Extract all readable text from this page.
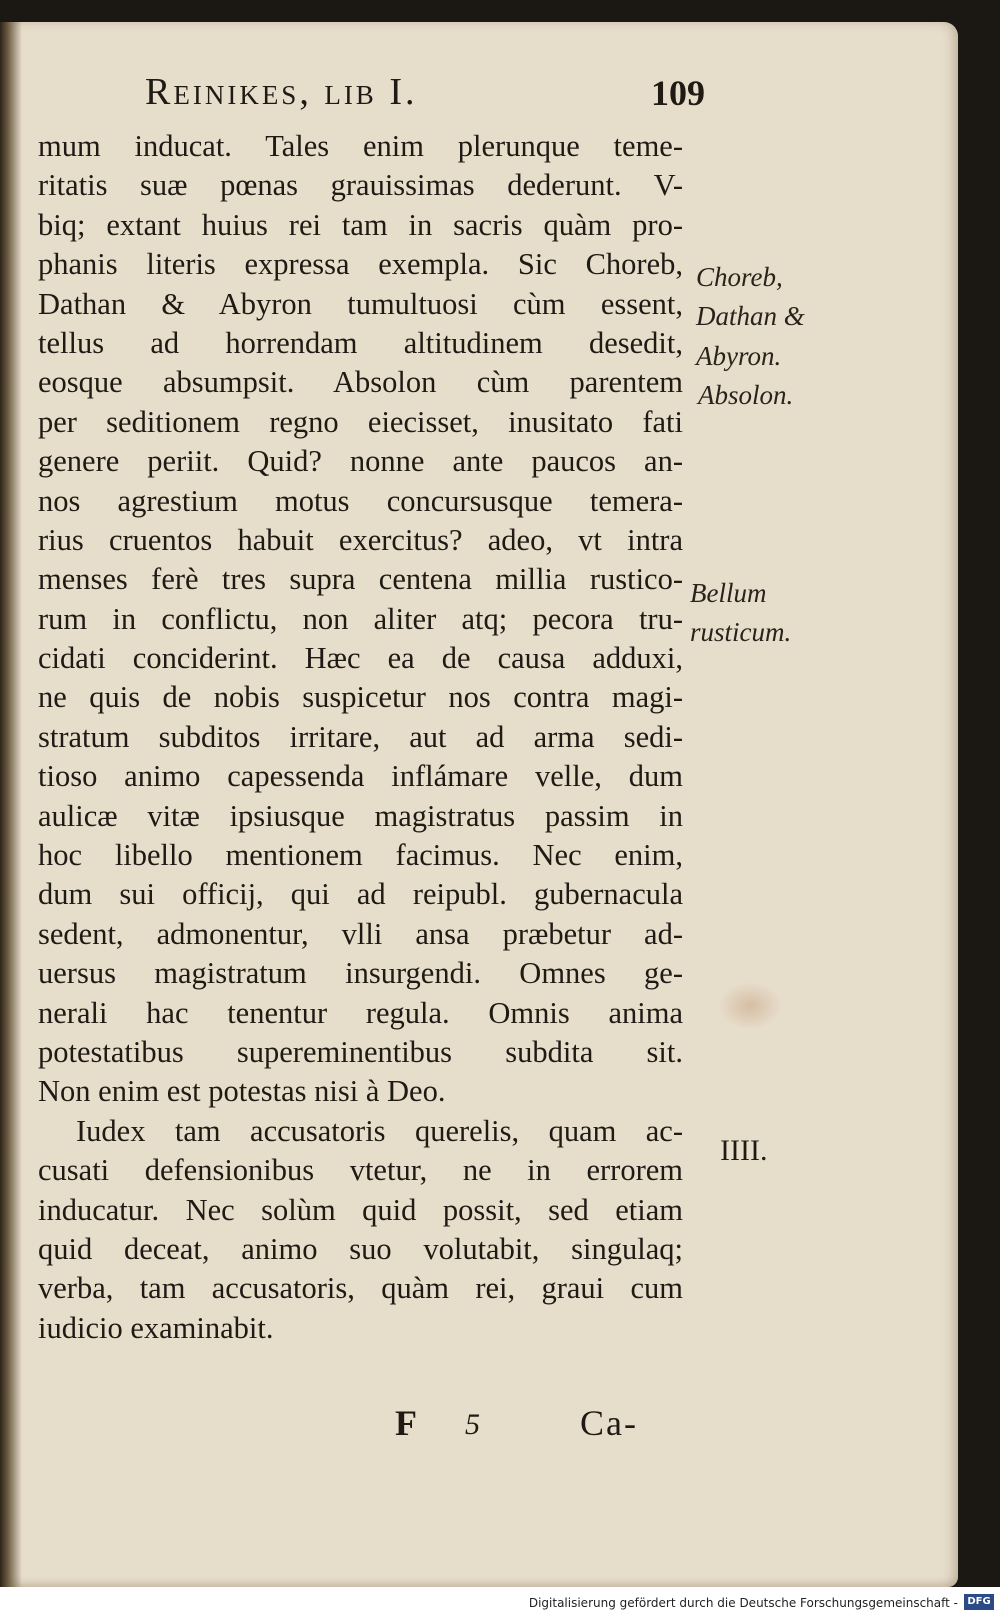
Reinikes, lib I.	109
mum inducat. Tales enim plerunque teme-
ritatis suæ pœnas grauissimas dederunt. V-
biq; extant huius rei tam in sacris quàm pro-
phanis literis expressa exempla. Sic Choreb,
Dathan & Abyron tumultuosi cùm essent,
tellus ad horrendam altitudinem desedit,
eosque absumpsit. Absolon cùm parentem
per seditionem regno eiecisset, inusitato fati
genere periit. Quid? nonne ante paucos an-
nos agrestium motus concursusque temera-
rius cruentos habuit exercitus? adeo, vt intra
menses ferè tres supra centena millia rustico-
rum in conflictu, non aliter atq; pecora tru-
cidati conciderint. Hæc ea de causa adduxi,
ne quis de nobis suspicetur nos contra magi-
stratum subditos irritare, aut ad arma sedi-
tioso animo capessenda inflámare velle, dum
aulicæ vitæ ipsiusque magistratus passim in
hoc libello mentionem facimus. Nec enim,
dum sui officij, qui ad reipubl. gubernacula
sedent, admonentur, vlli ansa præbetur ad-
uersus magistratum insurgendi. Omnes ge-
nerali hac tenentur regula. Omnis anima
potestatibus supereminentibus subdita sit.
Non enim est potestas nisi à Deo.
Iudex tam accusatoris querelis, quam ac-
cusati defensionibus vtetur, ne in errorem
inducatur. Nec solùm quid possit, sed etiam
quid deceat, animo suo volutabit, singulaq;
verba, tam accusatoris, quàm rei, graui cum
iudicio examinabit.
Choreb,
Dathan &
Abyron.
Absolon.
Bellum
rusticum.
IIII.
F 5	Ca-
Digitalisierung gefördert durch die Deutsche Forschungsgemeinschaft - DFG
